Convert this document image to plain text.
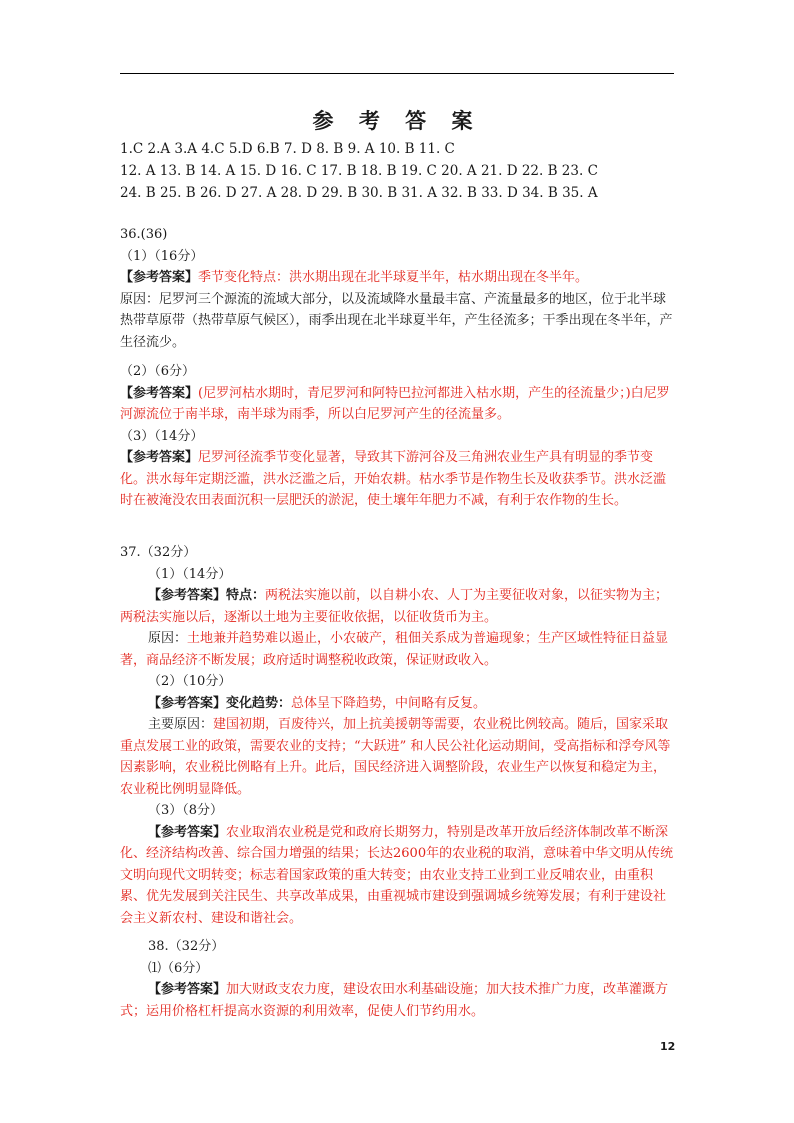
参 考 答 案
1.C 2.A 3.A 4.C 5.D 6.B 7. D 8. B 9. A 10. B 11. C
12. A 13. B 14. A 15. D 16. C 17. B 18. B 19. C 20. A 21. D 22. B 23. C
24. B 25. B 26. D 27. A 28. D 29. B 30. B 31. A 32. B 33. D 34. B 35. A

36.(36)

（1）（16分）

【参考答案】季节变化特点：洪水期出现在北半球夏半年，枯水期出现在冬半年。

原因：尼罗河三个源流的流域大部分，以及流域降水量最丰富、产流量最多的地区，位于北半球热带草原带（热带草原气候区），雨季出现在北半球夏半年，产生径流多；干季出现在冬半年，产生径流少。

（2）（6分）

【参考答案】(尼罗河枯水期时，青尼罗河和阿特巴拉河都进入枯水期，产生的径流量少；)白尼罗河源流位于南半球，南半球为雨季，所以白尼罗河产生的径流量多。

（3）（14分）

【参考答案】尼罗河径流季节变化显著，导致其下游河谷及三角洲农业生产具有明显的季节变化。洪水每年定期泛滥，洪水泛滥之后，开始农耕。枯水季节是作物生长及收获季节。洪水泛滥时在被淹没农田表面沉积一层肥沃的淤泥，使土壤年年肥力不减，有利于农作物的生长。

37.（32分）

（1）（14分）

【参考答案】特点：两税法实施以前，以自耕小农、人丁为主要征收对象，以征实物为主；两税法实施以后，逐渐以土地为主要征收依据，以征收货币为主。

原因：土地兼并趋势难以遏止，小农破产，租佃关系成为普遍现象；生产区域性特征日益显著，商品经济不断发展；政府适时调整税收政策，保证财政收入。

（2）（10分）

【参考答案】变化趋势：总体呈下降趋势，中间略有反复。

主要原因：建国初期，百废待兴，加上抗美援朝等需要，农业税比例较高。随后，国家采取重点发展工业的政策，需要农业的支持；“大跃进” 和人民公社化运动期间，受高指标和浮夸风等因素影响，农业税比例略有上升。此后，国民经济进入调整阶段，农业生产以恢复和稳定为主，农业税比例明显降低。

（3）（8分）

【参考答案】农业取消农业税是党和政府长期努力，特别是改革开放后经济体制改革不断深化、经济结构改善、综合国力增强的结果；长达2600年的农业税的取消，意味着中华文明从传统文明向现代文明转变；标志着国家政策的重大转变；由农业支持工业到工业反哺农业，由重积累、优先发展到关注民生、共享改革成果，由重视城市建设到强调城乡统筹发展；有利于建设社会主义新农村、建设和谐社会。

38.（32分）

⑴（6分）

【参考答案】加大财政支农力度，建设农田水利基础设施；加大技术推广力度，改革灌溉方式；运用价格杠杆提高水资源的利用效率，促使人们节约用水。

12
